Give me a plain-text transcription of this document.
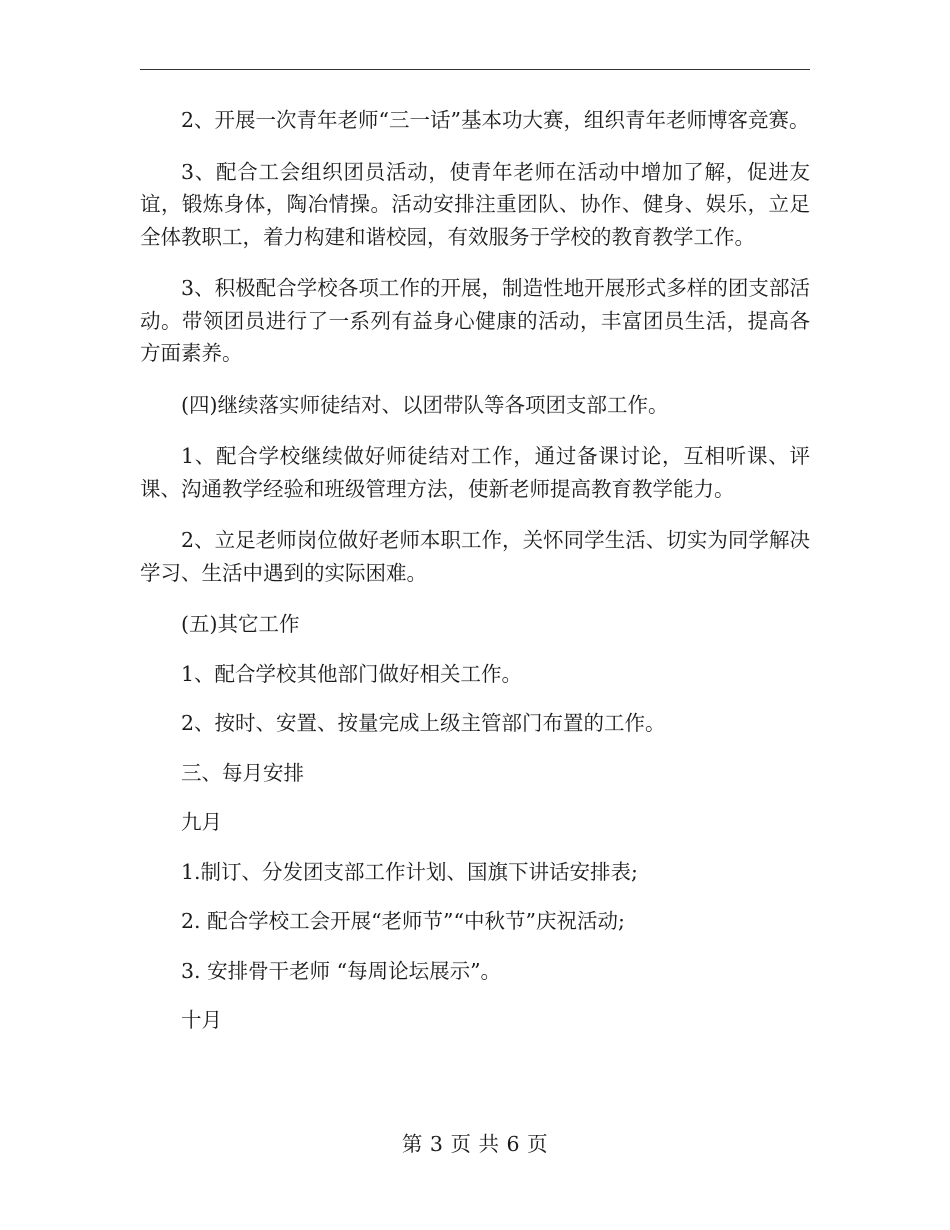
2、开展一次青年老师“三一话”基本功大赛，组织青年老师博客竞赛。

3、配合工会组织团员活动，使青年老师在活动中增加了解，促进友谊，锻炼身体，陶冶情操。活动安排注重团队、协作、健身、娱乐，立足全体教职工，着力构建和谐校园，有效服务于学校的教育教学工作。

3、积极配合学校各项工作的开展，制造性地开展形式多样的团支部活动。带领团员进行了一系列有益身心健康的活动，丰富团员生活，提高各方面素养。

(四)继续落实师徒结对、以团带队等各项团支部工作。

1、配合学校继续做好师徒结对工作，通过备课讨论，互相听课、评课、沟通教学经验和班级管理方法，使新老师提高教育教学能力。

2、立足老师岗位做好老师本职工作，关怀同学生活、切实为同学解决学习、生活中遇到的实际困难。

(五)其它工作

1、配合学校其他部门做好相关工作。

2、按时、安置、按量完成上级主管部门布置的工作。

三、每月安排

九月

1.制订、分发团支部工作计划、国旗下讲话安排表;

2. 配合学校工会开展“老师节”“中秋节”庆祝活动;

3. 安排骨干老师 “每周论坛展示”。

十月

第 3 页 共 6 页
